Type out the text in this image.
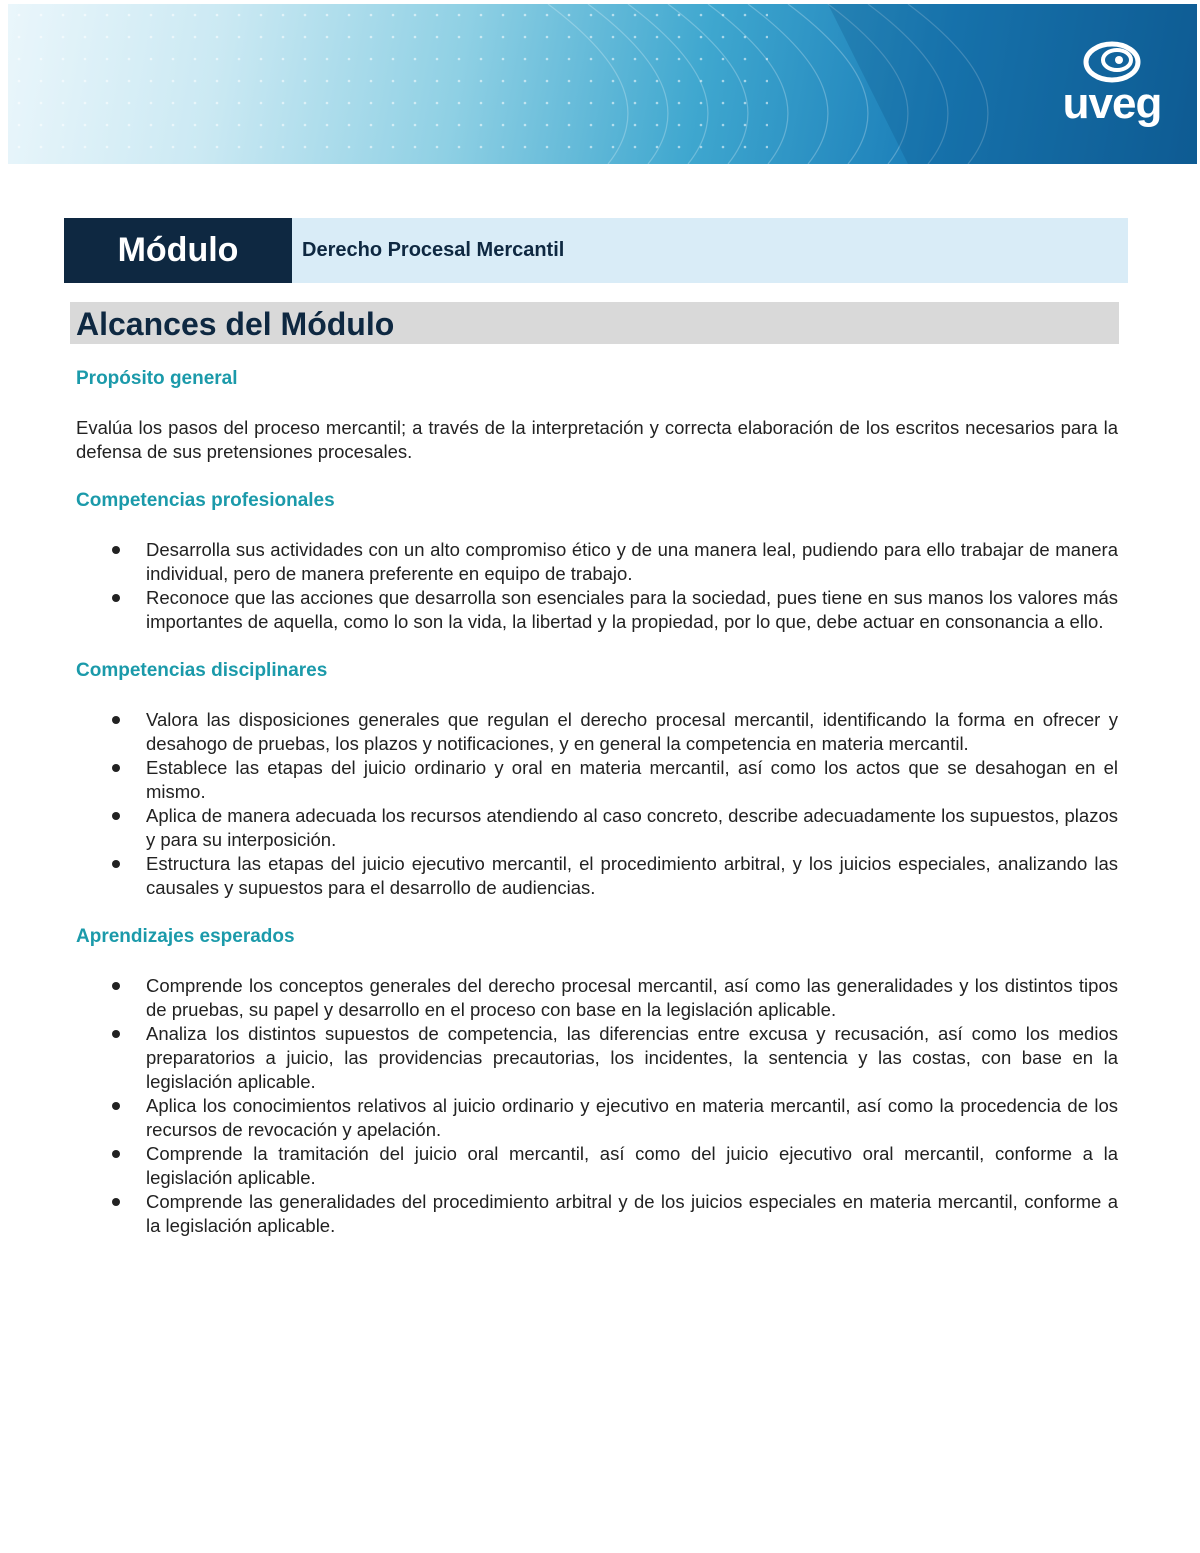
uveg
Módulo	Derecho Procesal Mercantil
Alcances del Módulo
Propósito general

Evalúa los pasos del proceso mercantil; a través de la interpretación y correcta elaboración de los escritos necesarios para la defensa de sus pretensiones procesales.

Competencias profesionales
Desarrolla sus actividades con un alto compromiso ético y de una manera leal, pudiendo para ello trabajar de manera individual, pero de manera preferente en equipo de trabajo.
Reconoce que las acciones que desarrolla son esenciales para la sociedad, pues tiene en sus manos los valores más importantes de aquella, como lo son la vida, la libertad y la propiedad, por lo que, debe actuar en consonancia a ello.
Competencias disciplinares
Valora las disposiciones generales que regulan el derecho procesal mercantil, identificando la forma en ofrecer y desahogo de pruebas, los plazos y notificaciones, y en general la competencia en materia mercantil.
Establece las etapas del juicio ordinario y oral en materia mercantil, así como los actos que se desahogan en el mismo.
Aplica de manera adecuada los recursos atendiendo al caso concreto, describe adecuadamente los supuestos, plazos y para su interposición.
Estructura las etapas del juicio ejecutivo mercantil, el procedimiento arbitral, y los juicios especiales, analizando las causales y supuestos para el desarrollo de audiencias.
Aprendizajes esperados
Comprende los conceptos generales del derecho procesal mercantil, así como las generalidades y los distintos tipos de pruebas, su papel y desarrollo en el proceso con base en la legislación aplicable.
Analiza los distintos supuestos de competencia, las diferencias entre excusa y recusación, así como los medios preparatorios a juicio, las providencias precautorias, los incidentes, la sentencia y las costas, con base en la legislación aplicable.
Aplica los conocimientos relativos al juicio ordinario y ejecutivo en materia mercantil, así como la procedencia de los recursos de revocación y apelación.
Comprende la tramitación del juicio oral mercantil, así como del juicio ejecutivo oral mercantil, conforme a la legislación aplicable.
Comprende las generalidades del procedimiento arbitral y de los juicios especiales en materia mercantil, conforme a la legislación aplicable.
